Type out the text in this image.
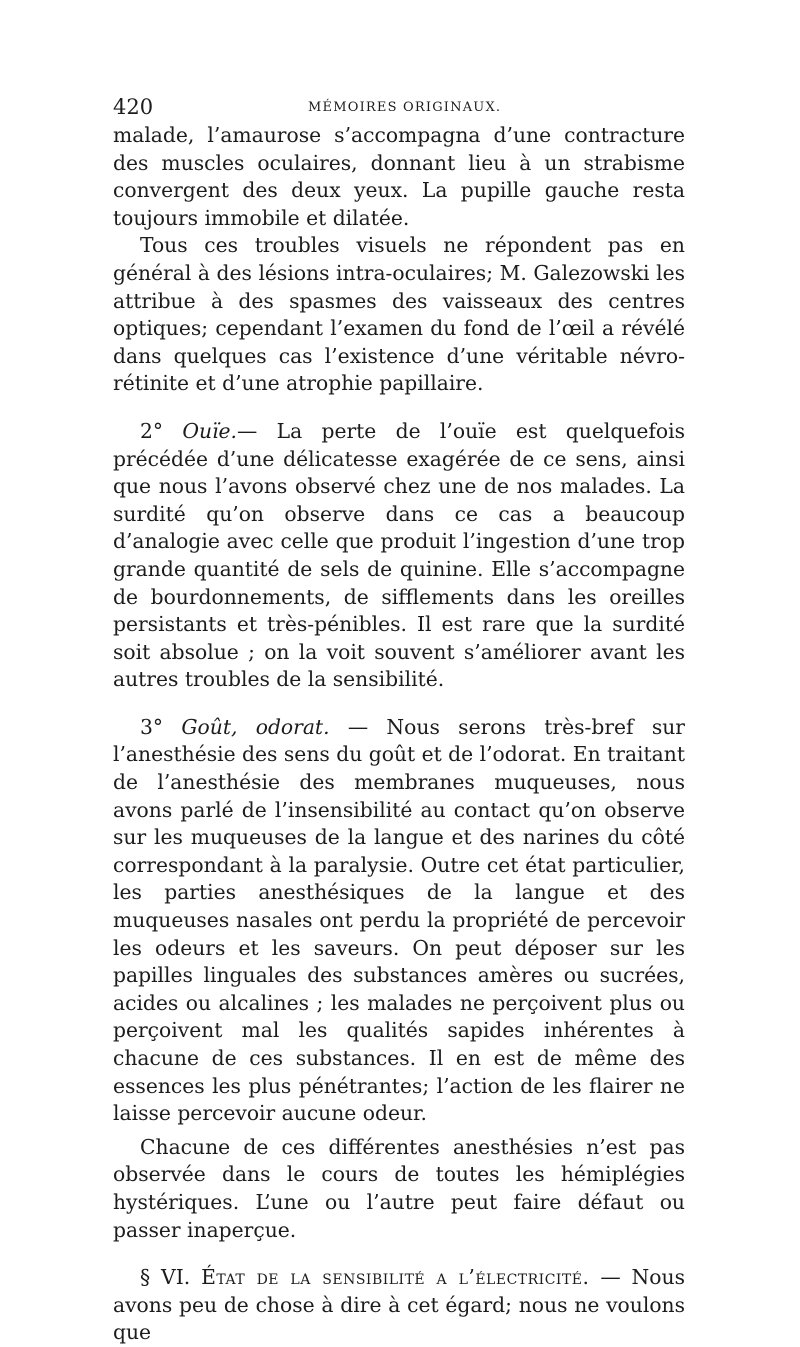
420	MÉMOIRES ORIGINAUX.

malade, l’amaurose s’accompagna d’une contracture des muscles oculaires, donnant lieu à un strabisme convergent des deux yeux. La pupille gauche resta toujours immobile et dilatée.

Tous ces troubles visuels ne répondent pas en général à des lésions intra-oculaires; M. Galezowski les attribue à des spasmes des vaisseaux des centres optiques; cependant l’examen du fond de l’œil a révélé dans quelques cas l’existence d’une véritable névro-rétinite et d’une atrophie papillaire.

2° Ouïe.— La perte de l’ouïe est quelquefois précédée d’une délicatesse exagérée de ce sens, ainsi que nous l’avons observé chez une de nos malades. La surdité qu’on observe dans ce cas a beaucoup d’analogie avec celle que produit l’ingestion d’une trop grande quantité de sels de quinine. Elle s’accompagne de bourdonnements, de sifflements dans les oreilles persistants et très-pénibles. Il est rare que la surdité soit absolue ; on la voit souvent s’améliorer avant les autres troubles de la sensibilité.

3° Goût, odorat. — Nous serons très-bref sur l’anesthésie des sens du goût et de l’odorat. En traitant de l’anesthésie des membranes muqueuses, nous avons parlé de l’insensibilité au contact qu’on observe sur les muqueuses de la langue et des narines du côté correspondant à la paralysie. Outre cet état particulier, les parties anesthésiques de la langue et des muqueuses nasales ont perdu la propriété de percevoir les odeurs et les saveurs. On peut déposer sur les papilles linguales des substances amères ou sucrées, acides ou alcalines ; les malades ne perçoivent plus ou perçoivent mal les qualités sapides inhérentes à chacune de ces substances. Il en est de même des essences les plus pénétrantes; l’action de les flairer ne laisse percevoir aucune odeur.

Chacune de ces différentes anesthésies n’est pas observée dans le cours de toutes les hémiplégies hystériques. L’une ou l’autre peut faire défaut ou passer inaperçue.

§ VI. État de la sensibilité a l’électricité. — Nous avons peu de chose à dire à cet égard; nous ne voulons que
